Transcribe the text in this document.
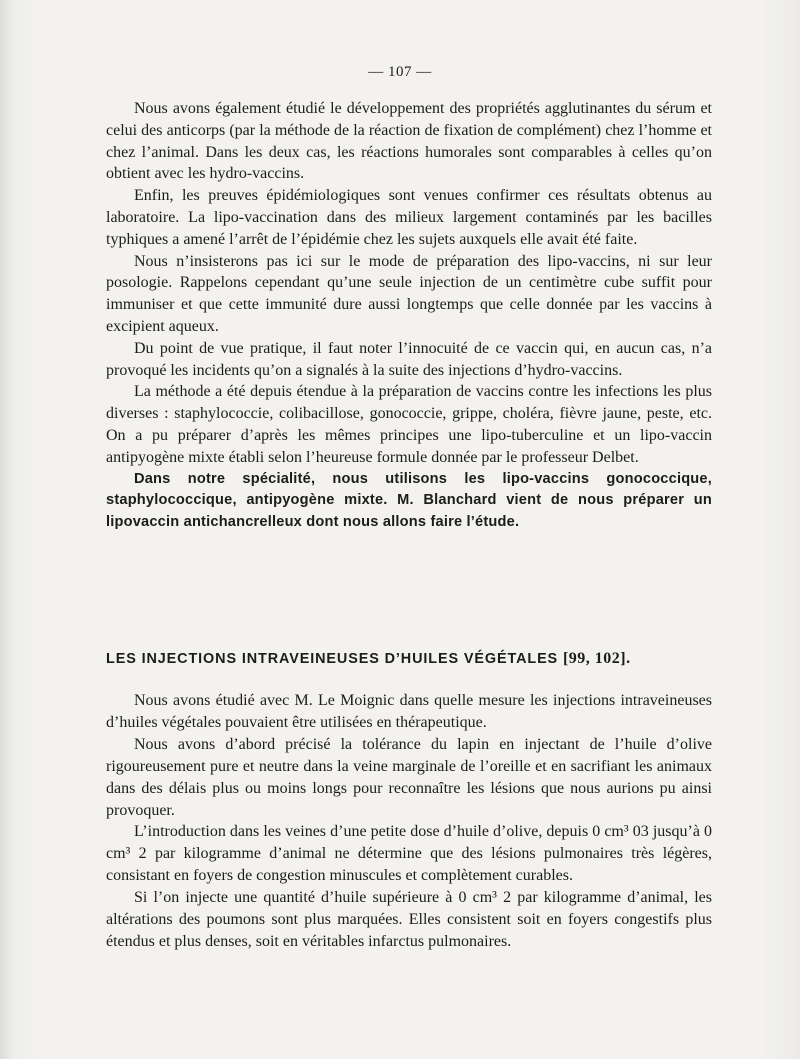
— 107 —

Nous avons également étudié le développement des propriétés agglutinantes du sérum et celui des anticorps (par la méthode de la réaction de fixation de complément) chez l’homme et chez l’animal. Dans les deux cas, les réactions humorales sont comparables à celles qu’on obtient avec les hydro-vaccins.

Enfin, les preuves épidémiologiques sont venues confirmer ces résultats obtenus au laboratoire. La lipo-vaccination dans des milieux largement contaminés par les bacilles typhiques a amené l’arrêt de l’épidémie chez les sujets auxquels elle avait été faite.

Nous n’insisterons pas ici sur le mode de préparation des lipo-vaccins, ni sur leur posologie. Rappelons cependant qu’une seule injection de un centimètre cube suffit pour immuniser et que cette immunité dure aussi longtemps que celle donnée par les vaccins à excipient aqueux.

Du point de vue pratique, il faut noter l’innocuité de ce vaccin qui, en aucun cas, n’a provoqué les incidents qu’on a signalés à la suite des injections d’hydro-vaccins.

La méthode a été depuis étendue à la préparation de vaccins contre les infections les plus diverses : staphylococcie, colibacillose, gonococcie, grippe, choléra, fièvre jaune, peste, etc. On a pu préparer d’après les mêmes principes une lipo-tuberculine et un lipo-vaccin antipyogène mixte établi selon l’heureuse formule donnée par le professeur Delbet.

Dans notre spécialité, nous utilisons les lipo-vaccins gonococcique, staphylococcique, antipyogène mixte. M. Blanchard vient de nous préparer un lipovaccin antichancrelleux dont nous allons faire l’étude.

LES INJECTIONS INTRAVEINEUSES D’HUILES VÉGÉTALES [99, 102].

Nous avons étudié avec M. Le Moignic dans quelle mesure les injections intraveineuses d’huiles végétales pouvaient être utilisées en thérapeutique.

Nous avons d’abord précisé la tolérance du lapin en injectant de l’huile d’olive rigoureusement pure et neutre dans la veine marginale de l’oreille et en sacrifiant les animaux dans des délais plus ou moins longs pour reconnaître les lésions que nous aurions pu ainsi provoquer.

L’introduction dans les veines d’une petite dose d’huile d’olive, depuis 0 cm³ 03 jusqu’à 0 cm³ 2 par kilogramme d’animal ne détermine que des lésions pulmonaires très légères, consistant en foyers de congestion minuscules et complètement curables.

Si l’on injecte une quantité d’huile supérieure à 0 cm³ 2 par kilogramme d’animal, les altérations des poumons sont plus marquées. Elles consistent soit en foyers congestifs plus étendus et plus denses, soit en véritables infarctus pulmonaires.
